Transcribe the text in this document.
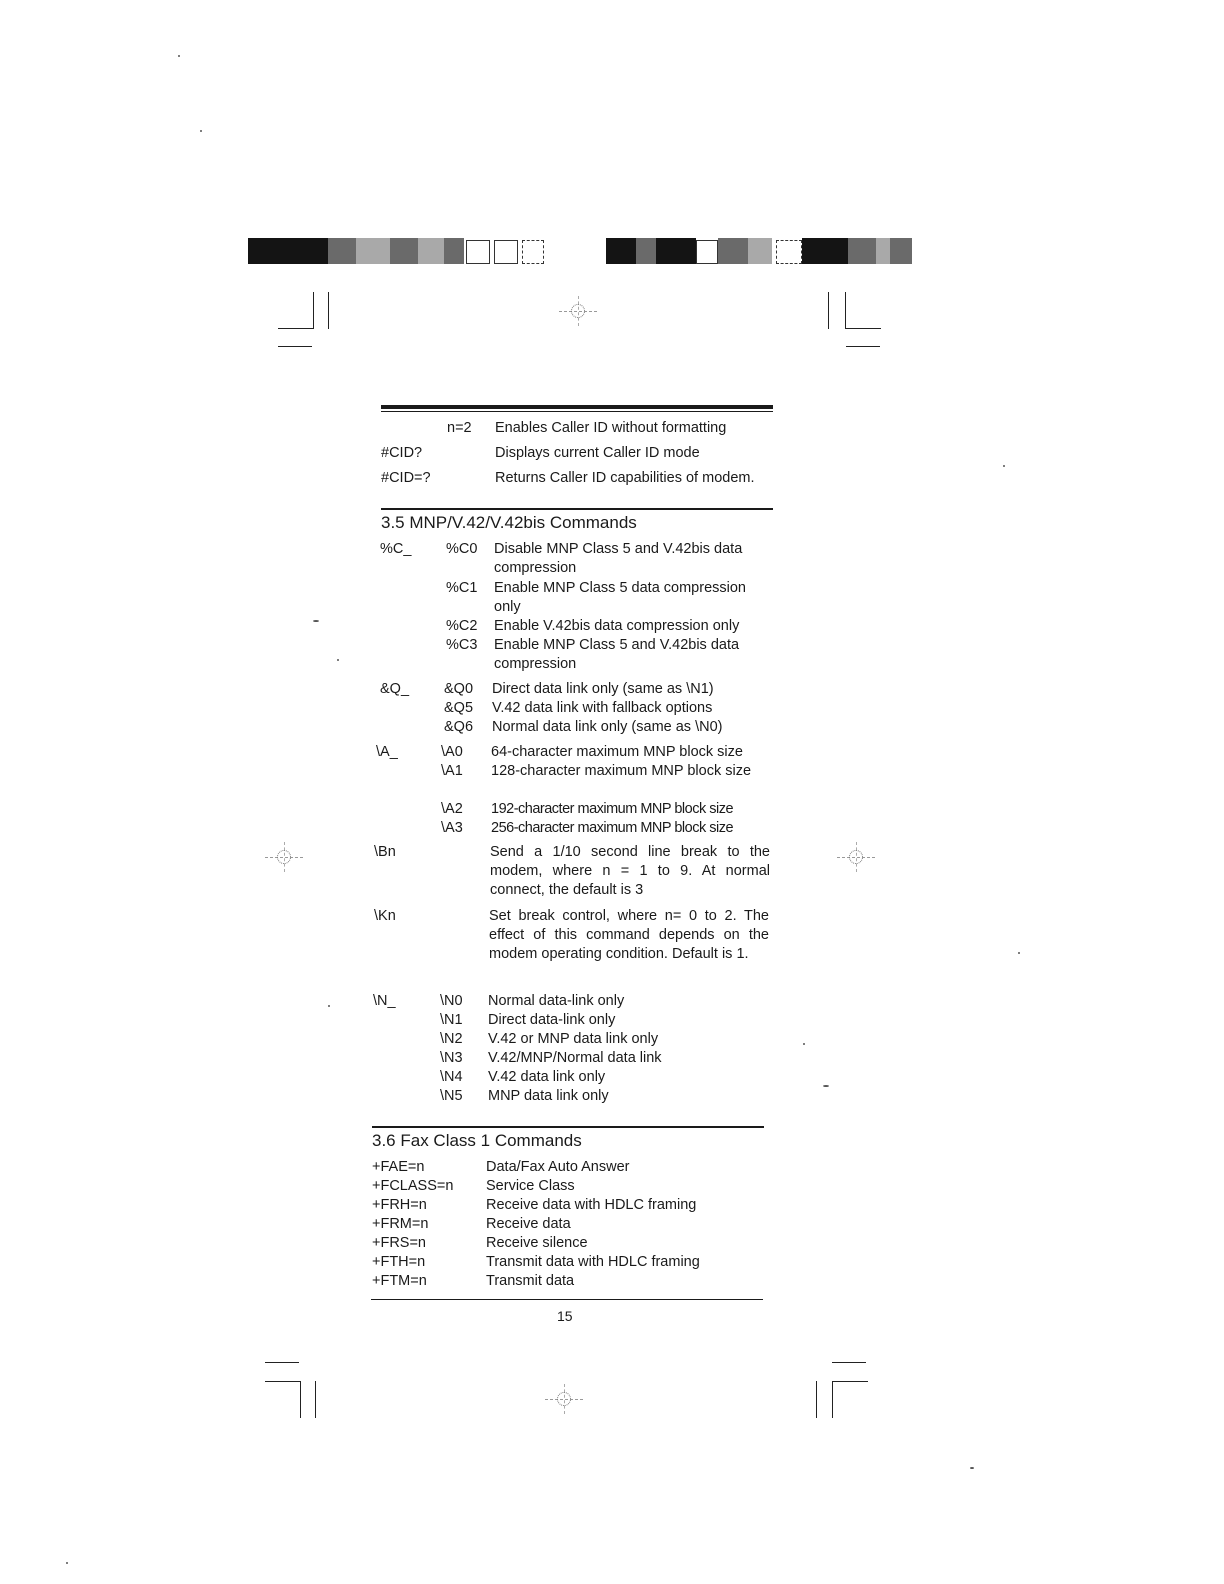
n=2 Enables Caller ID without formatting
#CID?	Displays current Caller ID mode
#CID=?	Returns Caller ID capabilities of modem.
3.5 MNP/V.42/V.42bis Commands
%C_ %C0 Disable MNP Class 5 and V.42bis data compression
%C1 Enable MNP Class 5 data compression only
%C2 Enable V.42bis data compression only
%C3 Enable MNP Class 5 and V.42bis data compression
&Q_ &Q0 Direct data link only (same as \N1)
&Q5 V.42 data link with fallback options
&Q6 Normal data link only (same as \N0)
\A_	\A0 64-character maximum MNP block size
\A1 128-character maximum MNP block size
\A2 192-character maximum MNP block size
\A3 256-character maximum MNP block size
\Bn	Send a 1/10 second line break to the modem, where n = 1 to 9. At normal connect, the default is 3
\Kn	Set break control, where n= 0 to 2. The effect of this command depends on the modem operating condition. Default is 1.
\N_	\N0 Normal data-link only
\N1 Direct data-link only
\N2 V.42 or MNP data link only
\N3 V.42/MNP/Normal data link
\N4 V.42 data link only
\N5 MNP data link only
3.6 Fax Class 1 Commands
+FAE=n	Data/Fax Auto Answer
+FCLASS=n Service Class
+FRH=n	Receive data with HDLC framing
+FRM=n	Receive data
+FRS=n	Receive silence
+FTH=n	Transmit data with HDLC framing
+FTM=n	Transmit data
15
